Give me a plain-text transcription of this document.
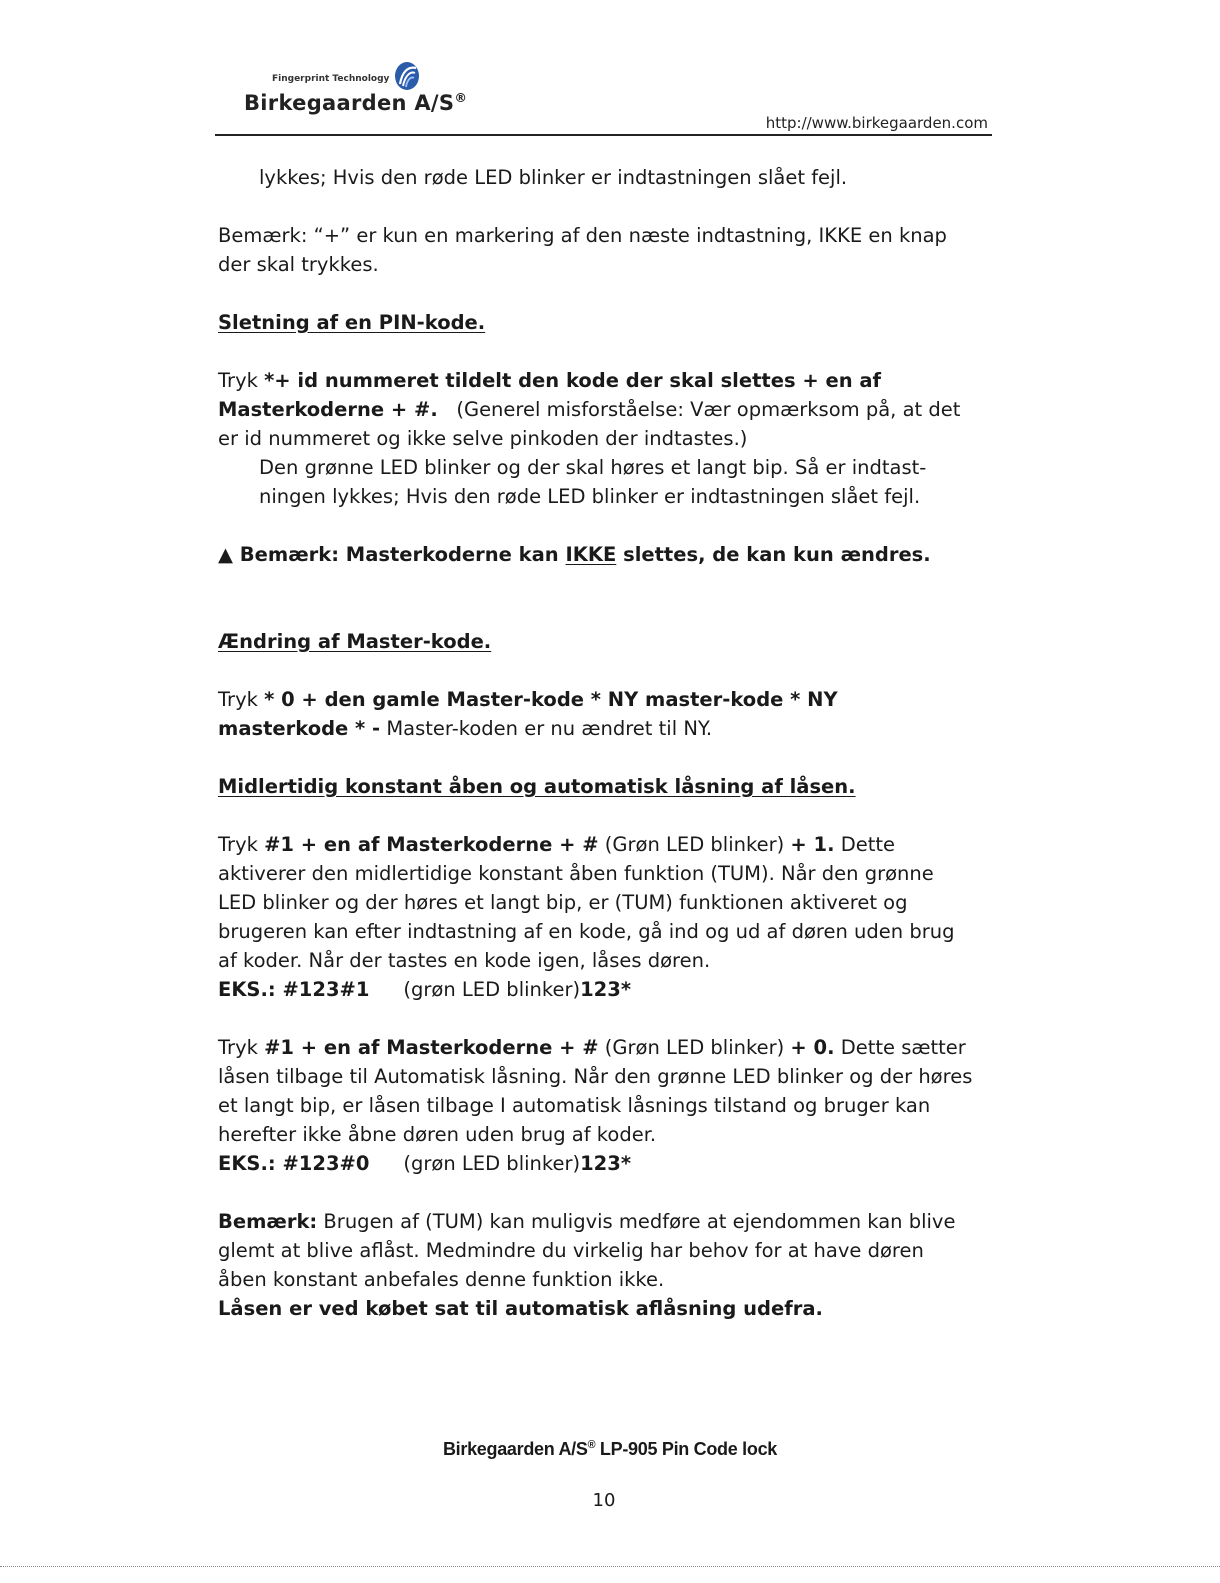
Fingerprint Technology
Birkegaarden A/S®
http://www.birkegaarden.com
lykkes; Hvis den røde LED blinker er indtastningen slået fejl.
Bemærk: “+” er kun en markering af den næste indtastning, IKKE en knap
der skal trykkes.
Sletning af en PIN-kode.
Tryk *+ id nummeret tildelt den kode der skal slettes + en af
Masterkoderne + #.   (Generel misforståelse: Vær opmærksom på, at det
er id nummeret og ikke selve pinkoden der indtastes.)
Den grønne LED blinker og der skal høres et langt bip. Så er indtast-
ningen lykkes; Hvis den røde LED blinker er indtastningen slået fejl.
▲ Bemærk: Masterkoderne kan IKKE slettes, de kan kun ændres.
Ændring af Master-kode.
Tryk * 0 + den gamle Master-kode * NY master-kode * NY
masterkode * - Master-koden er nu ændret til NY.
Midlertidig konstant åben og automatisk låsning af låsen.
Tryk #1 + en af Masterkoderne + # (Grøn LED blinker) + 1. Dette
aktiverer den midlertidige konstant åben funktion (TUM). Når den grønne
LED blinker og der høres et langt bip, er (TUM) funktionen aktiveret og
brugeren kan efter indtastning af en kode, gå ind og ud af døren uden brug
af koder. Når der tastes en kode igen, låses døren.
EKS.: #123#1 (grøn LED blinker)123*
Tryk #1 + en af Masterkoderne + # (Grøn LED blinker) + 0. Dette sætter
låsen tilbage til Automatisk låsning. Når den grønne LED blinker og der høres
et langt bip, er låsen tilbage I automatisk låsnings tilstand og bruger kan
herefter ikke åbne døren uden brug af koder.
EKS.: #123#0 (grøn LED blinker)123*
Bemærk: Brugen af (TUM) kan muligvis medføre at ejendommen kan blive
glemt at blive aflåst. Medmindre du virkelig har behov for at have døren
åben konstant anbefales denne funktion ikke.
Låsen er ved købet sat til automatisk aflåsning udefra.
Birkegaarden A/S® LP-905 Pin Code lock
10
